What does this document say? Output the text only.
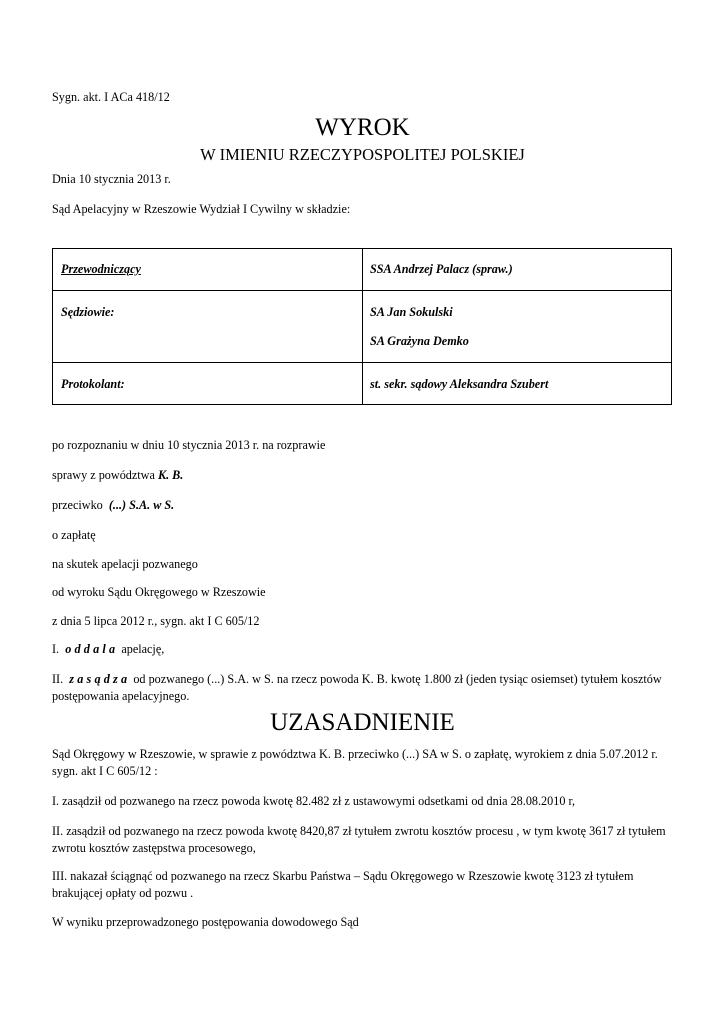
Sygn. akt. I ACa 418/12
WYROK
W IMIENIU RZECZYPOSPOLITEJ POLSKIEJ
Dnia 10 stycznia 2013 r.
Sąd Apelacyjny w Rzeszowie Wydział I Cywilny w składzie:
Przewodniczący	SSA Andrzej Palacz (spraw.)
Sędziowie:	SA Jan Sokulski
SA Grażyna Demko
Protokolant:	st. sekr. sądowy Aleksandra Szubert
po rozpoznaniu w dniu 10 stycznia 2013 r. na rozprawie
sprawy z powództwa K. B.
przeciwko  (...) S.A. w S.
o zapłatę
na skutek apelacji pozwanego
od wyroku Sądu Okręgowego w Rzeszowie
z dnia 5 lipca 2012 r., sygn. akt I C 605/12
I.  oddala apelację,
II.  zasądza od pozwanego (...) S.A. w S. na rzecz powoda K. B. kwotę 1.800 zł (jeden tysiąc osiemset) tytułem kosztów postępowania apelacyjnego.
UZASADNIENIE
Sąd Okręgowy w Rzeszowie, w sprawie z powództwa K. B. przeciwko (...) SA w S. o zapłatę, wyrokiem z dnia 5.07.2012 r. sygn. akt I C 605/12 :
I. zasądził od pozwanego na rzecz powoda kwotę 82.482 zł z ustawowymi odsetkami od dnia 28.08.2010 r,
II. zasądził od pozwanego na rzecz powoda kwotę 8420,87 zł tytułem zwrotu kosztów procesu , w tym kwotę 3617 zł tytułem zwrotu kosztów zastępstwa procesowego,
III. nakazał ściągnąć od pozwanego na rzecz Skarbu Państwa – Sądu Okręgowego w Rzeszowie kwotę 3123 zł tytułem brakującej opłaty od pozwu .
W wyniku przeprowadzonego postępowania dowodowego Sąd
